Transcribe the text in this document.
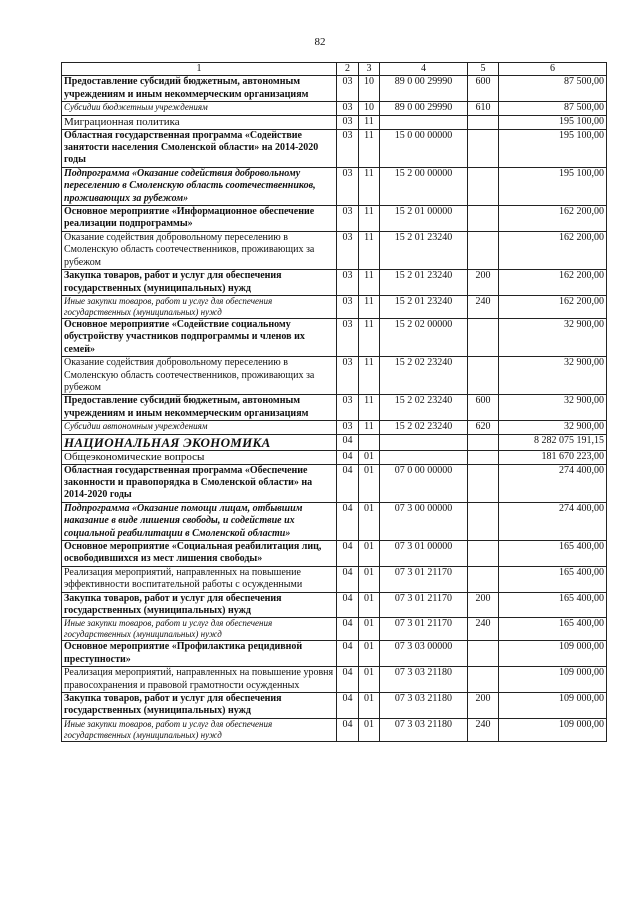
82
1	2	3	4	5	6
Предоставление субсидий бюджетным, автономным учреждениям и иным некоммерческим организациям	03	10	89 0 00 29990	600	87 500,00
Субсидии бюджетным учреждениям	03	10	89 0 00 29990	610	87 500,00
Миграционная политика	03	11			195 100,00
Областная государственная программа «Содействие занятости населения Смоленской области» на 2014-2020 годы	03	11	15 0 00 00000		195 100,00
Подпрограмма «Оказание содействия добровольному переселению в Смоленскую область соотечественников, проживающих за рубежом»	03	11	15 2 00 00000		195 100,00
Основное мероприятие «Информационное обеспечение реализации подпрограммы»	03	11	15 2 01 00000		162 200,00
Оказание содействия добровольному переселению в Смоленскую область соотечественников, проживающих за рубежом	03	11	15 2 01 23240		162 200,00
Закупка товаров, работ и услуг для обеспечения государственных (муниципальных) нужд	03	11	15 2 01 23240	200	162 200,00
Иные закупки товаров, работ и услуг для обеспечения государственных (муниципальных) нужд	03	11	15 2 01 23240	240	162 200,00
Основное мероприятие «Содействие социальному обустройству участников подпрограммы и членов их семей»	03	11	15 2 02 00000		32 900,00
Оказание содействия добровольному переселению в Смоленскую область соотечественников, проживающих за рубежом	03	11	15 2 02 23240		32 900,00
Предоставление субсидий бюджетным, автономным учреждениям и иным некоммерческим организациям	03	11	15 2 02 23240	600	32 900,00
Субсидии автономным учреждениям	03	11	15 2 02 23240	620	32 900,00
НАЦИОНАЛЬНАЯ ЭКОНОМИКА	04				8 282 075 191,15
Общеэкономические вопросы	04	01			181 670 223,00
Областная государственная программа «Обеспечение законности и правопорядка в Смоленской области» на 2014-2020 годы	04	01	07 0 00 00000		274 400,00
Подпрограмма «Оказание помощи лицам, отбывшим наказание в виде лишения свободы, и содействие их социальной реабилитации в Смоленской области»	04	01	07 3 00 00000		274 400,00
Основное мероприятие «Социальная реабилитация лиц, освободившихся из мест лишения свободы»	04	01	07 3 01 00000		165 400,00
Реализация мероприятий, направленных на повышение эффективности воспитательной работы с осужденными	04	01	07 3 01 21170		165 400,00
Закупка товаров, работ и услуг для обеспечения государственных (муниципальных) нужд	04	01	07 3 01 21170	200	165 400,00
Иные закупки товаров, работ и услуг для обеспечения государственных (муниципальных) нужд	04	01	07 3 01 21170	240	165 400,00
Основное мероприятие «Профилактика рецидивной преступности»	04	01	07 3 03 00000		109 000,00
Реализация мероприятий, направленных на повышение уровня правосохранения и правовой грамотности осужденных	04	01	07 3 03 21180		109 000,00
Закупка товаров, работ и услуг для обеспечения государственных (муниципальных) нужд	04	01	07 3 03 21180	200	109 000,00
Иные закупки товаров, работ и услуг для обеспечения государственных (муниципальных) нужд	04	01	07 3 03 21180	240	109 000,00
